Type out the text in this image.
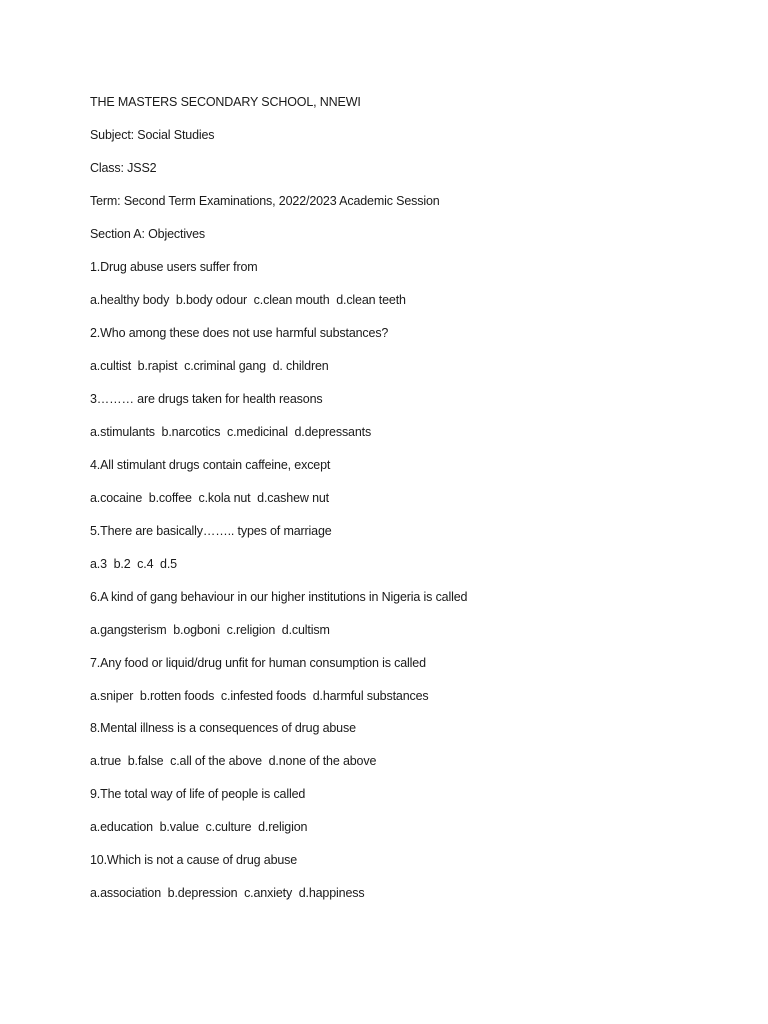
THE MASTERS SECONDARY SCHOOL, NNEWI

Subject: Social Studies

Class: JSS2

Term: Second Term Examinations, 2022/2023 Academic Session

Section A: Objectives

1.Drug abuse users suffer from

a.healthy body  b.body odour  c.clean mouth  d.clean teeth

2.Who among these does not use harmful substances?

a.cultist  b.rapist  c.criminal gang  d. children

3……… are drugs taken for health reasons

a.stimulants  b.narcotics  c.medicinal  d.depressants

4.All stimulant drugs contain caffeine, except

a.cocaine  b.coffee  c.kola nut  d.cashew nut

5.There are basically…….. types of marriage

a.3  b.2  c.4  d.5

6.A kind of gang behaviour in our higher institutions in Nigeria is called

a.gangsterism  b.ogboni  c.religion  d.cultism

7.Any food or liquid/drug unfit for human consumption is called

a.sniper  b.rotten foods  c.infested foods  d.harmful substances

8.Mental illness is a consequences of drug abuse

a.true  b.false  c.all of the above  d.none of the above

9.The total way of life of people is called

a.education  b.value  c.culture  d.religion

10.Which is not a cause of drug abuse

a.association  b.depression  c.anxiety  d.happiness
